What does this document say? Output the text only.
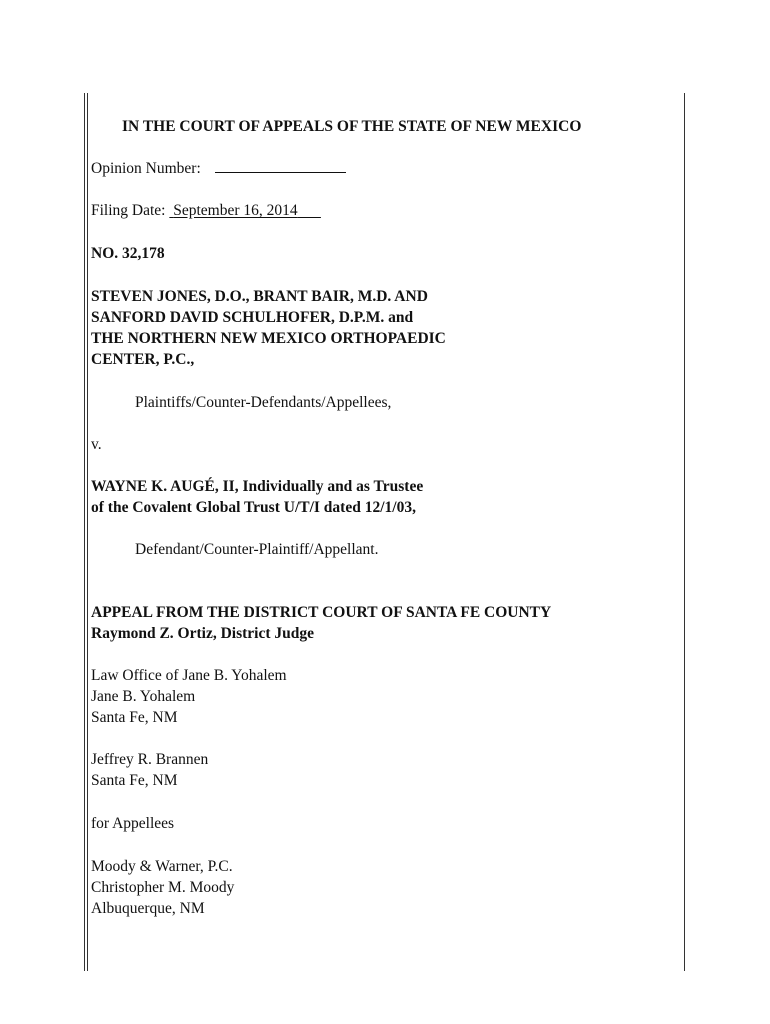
IN THE COURT OF APPEALS OF THE STATE OF NEW MEXICO
Opinion Number:
Filing Date: September 16, 2014
NO. 32,178
STEVEN JONES, D.O., BRANT BAIR, M.D. AND
SANFORD DAVID SCHULHOFER, D.P.M. and
THE NORTHERN NEW MEXICO ORTHOPAEDIC
CENTER, P.C.,
Plaintiffs/Counter-Defendants/Appellees,
v.
WAYNE K. AUGÉ, II, Individually and as Trustee
of the Covalent Global Trust U/T/I dated 12/1/03,
Defendant/Counter-Plaintiff/Appellant.
APPEAL FROM THE DISTRICT COURT OF SANTA FE COUNTY
Raymond Z. Ortiz, District Judge
Law Office of Jane B. Yohalem
Jane B. Yohalem
Santa Fe, NM
Jeffrey R. Brannen
Santa Fe, NM
for Appellees
Moody & Warner, P.C.
Christopher M. Moody
Albuquerque, NM
